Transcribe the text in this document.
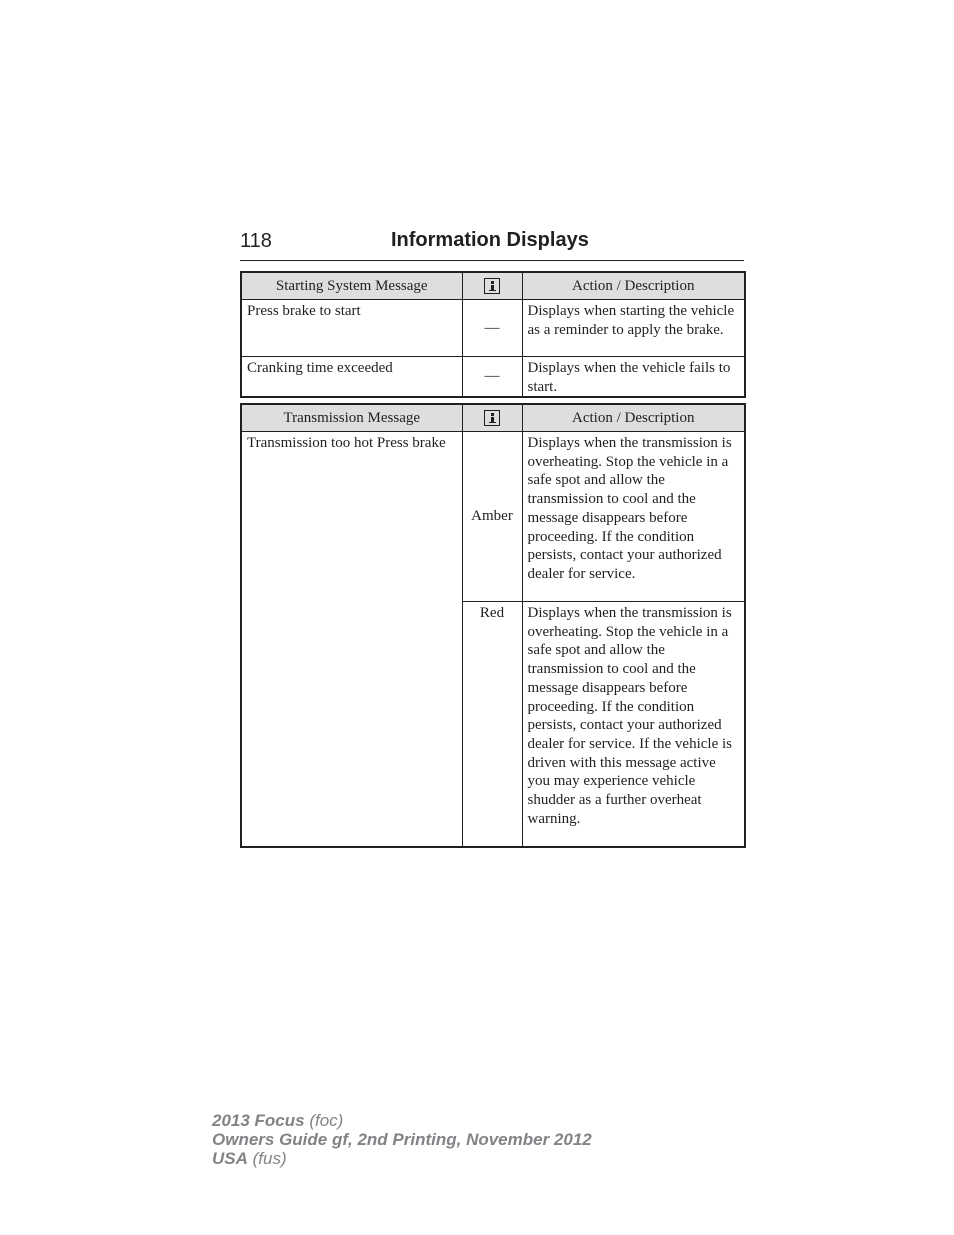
118	Information Displays
Starting System Message		Action / Description
Press brake to start	—	Displays when starting the vehicle as a reminder to apply the brake.
Cranking time exceeded	—	Displays when the vehicle fails to start.
Transmission Message		Action / Description
Transmission too hot Press brake	Amber	Displays when the transmission is overheating. Stop the vehicle in a safe spot and allow the transmission to cool and the message disappears before proceeding. If the condition persists, contact your authorized dealer for service.
	Red	Displays when the transmission is overheating. Stop the vehicle in a safe spot and allow the transmission to cool and the message disappears before proceeding. If the condition persists, contact your authorized dealer for service. If the vehicle is driven with this message active you may experience vehicle shudder as a further overheat warning.
2013 Focus (foc)
Owners Guide gf, 2nd Printing, November 2012
USA (fus)
